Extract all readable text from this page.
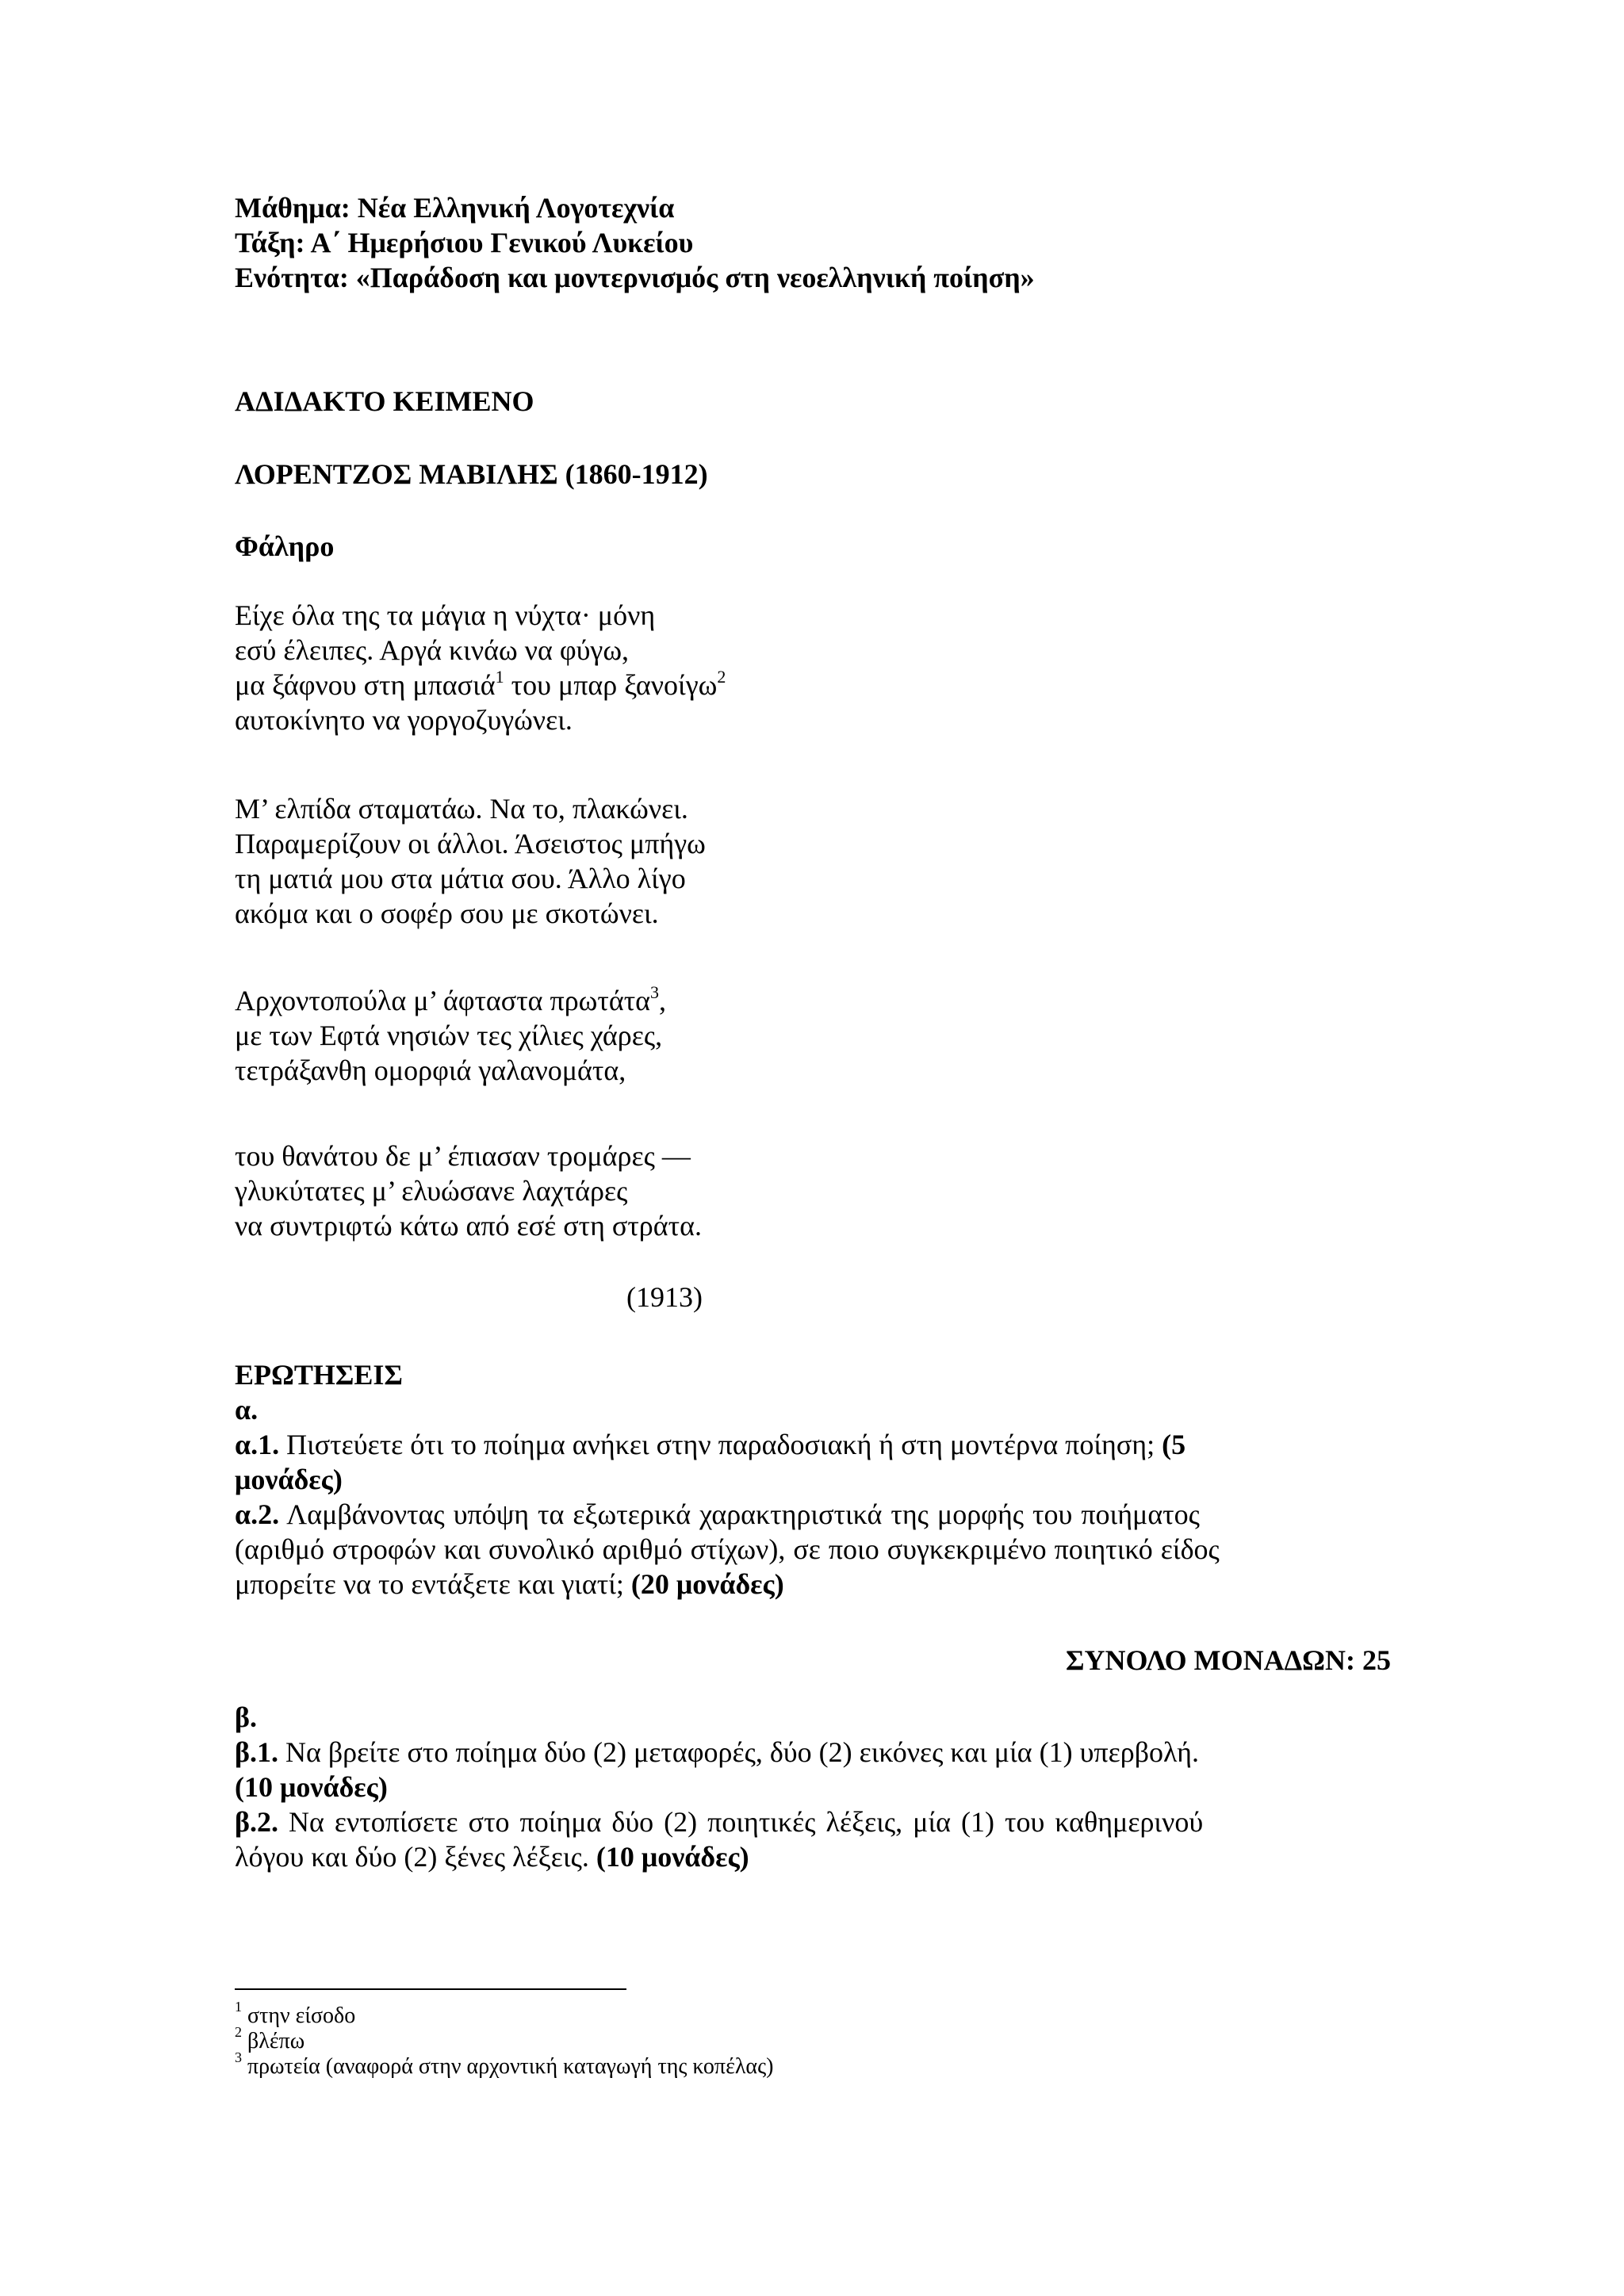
Μάθημα: Νέα Ελληνική Λογοτεχνία
Τάξη: Α΄ Ημερήσιου Γενικού Λυκείου
Ενότητα: «Παράδοση και μοντερνισμός στη νεοελληνική ποίηση»
ΑΔΙΔΑΚΤΟ ΚΕΙΜΕΝΟ
ΛΟΡΕΝΤΖΟΣ ΜΑΒΙΛΗΣ (1860-1912)
Φάληρο
Είχε όλα της τα μάγια η νύχτα· μόνη
εσύ έλειπες. Αργά κινάω να φύγω,
μα ξάφνου στη μπασιά$^1$ του μπαρ ξανοίγω$^2$
αυτοκίνητο να γοργοζυγώνει.
Μ’ ελπίδα σταματάω. Να το, πλακώνει.
Παραμερίζουν οι άλλοι. Άσειστος μπήγω
τη ματιά μου στα μάτια σου. Άλλο λίγο
ακόμα και ο σοφέρ σου με σκοτώνει.
Αρχοντοπούλα μ’ άφταστα πρωτάτα$^3$,
με των Εφτά νησιών τες χίλιες χάρες,
τετράξανθη ομορφιά γαλανομάτα,
του θανάτου δε μ’ έπιασαν τρομάρες —
γλυκύτατες μ’ ελυώσανε λαχτάρες
να συντριφτώ κάτω από εσέ στη στράτα.
(1913)
ΕΡΩΤΗΣΕΙΣ
α.
α.1. Πιστεύετε ότι το ποίημα ανήκει στην παραδοσιακή ή στη μοντέρνα ποίηση; (5
μονάδες)
α.2. Λαμβάνοντας υπόψη τα εξωτερικά χαρακτηριστικά της μορφής του ποιήματος
(αριθμό στροφών και συνολικό αριθμό στίχων), σε ποιο συγκεκριμένο ποιητικό είδος
μπορείτε να το εντάξετε και γιατί; (20 μονάδες)
ΣΥΝΟΛΟ ΜΟΝΑΔΩΝ: 25
β.
β.1. Να βρείτε στο ποίημα δύο (2) μεταφορές, δύο (2) εικόνες και μία (1) υπερβολή.
(10 μονάδες)
β.2. Να εντοπίσετε στο ποίημα δύο (2) ποιητικές λέξεις, μία (1) του καθημερινού
λόγου και δύο (2) ξένες λέξεις. (10 μονάδες)
$^1$ στην είσοδο
$^2$ βλέπω
$^3$ πρωτεία (αναφορά στην αρχοντική καταγωγή της κοπέλας)
